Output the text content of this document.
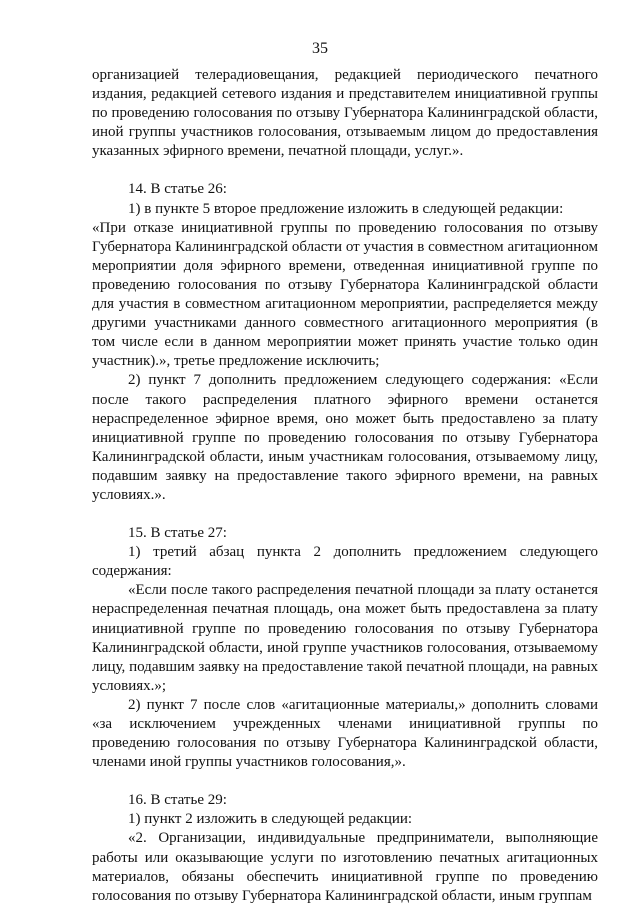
35

организацией телерадиовещания, редакцией периодического печатного издания, редакцией сетевого издания и представителем инициативной группы по проведению голосования по отзыву Губернатора Калининградской области, иной группы участников голосования, отзываемым лицом до предоставления указанных эфирного времени, печатной площади, услуг.».

14. В статье 26:

1) в пункте 5 второе предложение изложить в следующей редакции:

«При отказе инициативной группы по проведению голосования по отзыву Губернатора Калининградской области от участия в совместном агитационном мероприятии доля эфирного времени, отведенная инициативной группе по проведению голосования по отзыву Губернатора Калининградской области для участия в совместном агитационном мероприятии, распределяется между другими участниками данного совместного агитационного мероприятия (в том числе если в данном мероприятии может принять участие только один участник).», третье предложение исключить;

2) пункт 7 дополнить предложением следующего содержания: «Если после такого распределения платного эфирного времени останется нераспределенное эфирное время, оно может быть предоставлено за плату инициативной группе по проведению голосования по отзыву Губернатора Калининградской области, иным участникам голосования, отзываемому лицу, подавшим заявку на предоставление такого эфирного времени, на равных условиях.».

15. В статье 27:

1) третий абзац пункта 2 дополнить предложением следующего содержания:

«Если после такого распределения печатной площади за плату останется нераспределенная печатная площадь, она может быть предоставлена за плату инициативной группе по проведению голосования по отзыву Губернатора Калининградской области, иной группе участников голосования, отзываемому лицу, подавшим заявку на предоставление такой печатной площади, на равных условиях.»;

2) пункт 7 после слов «агитационные материалы,» дополнить словами «за исключением учрежденных членами инициативной группы по проведению голосования по отзыву Губернатора Калининградской области, членами иной группы участников голосования,».

16. В статье 29:

1) пункт 2 изложить в следующей редакции:

«2. Организации, индивидуальные предприниматели, выполняющие работы или оказывающие услуги по изготовлению печатных агитационных материалов, обязаны обеспечить инициативной группе по проведению голосования по отзыву Губернатора Калининградской области, иным группам
